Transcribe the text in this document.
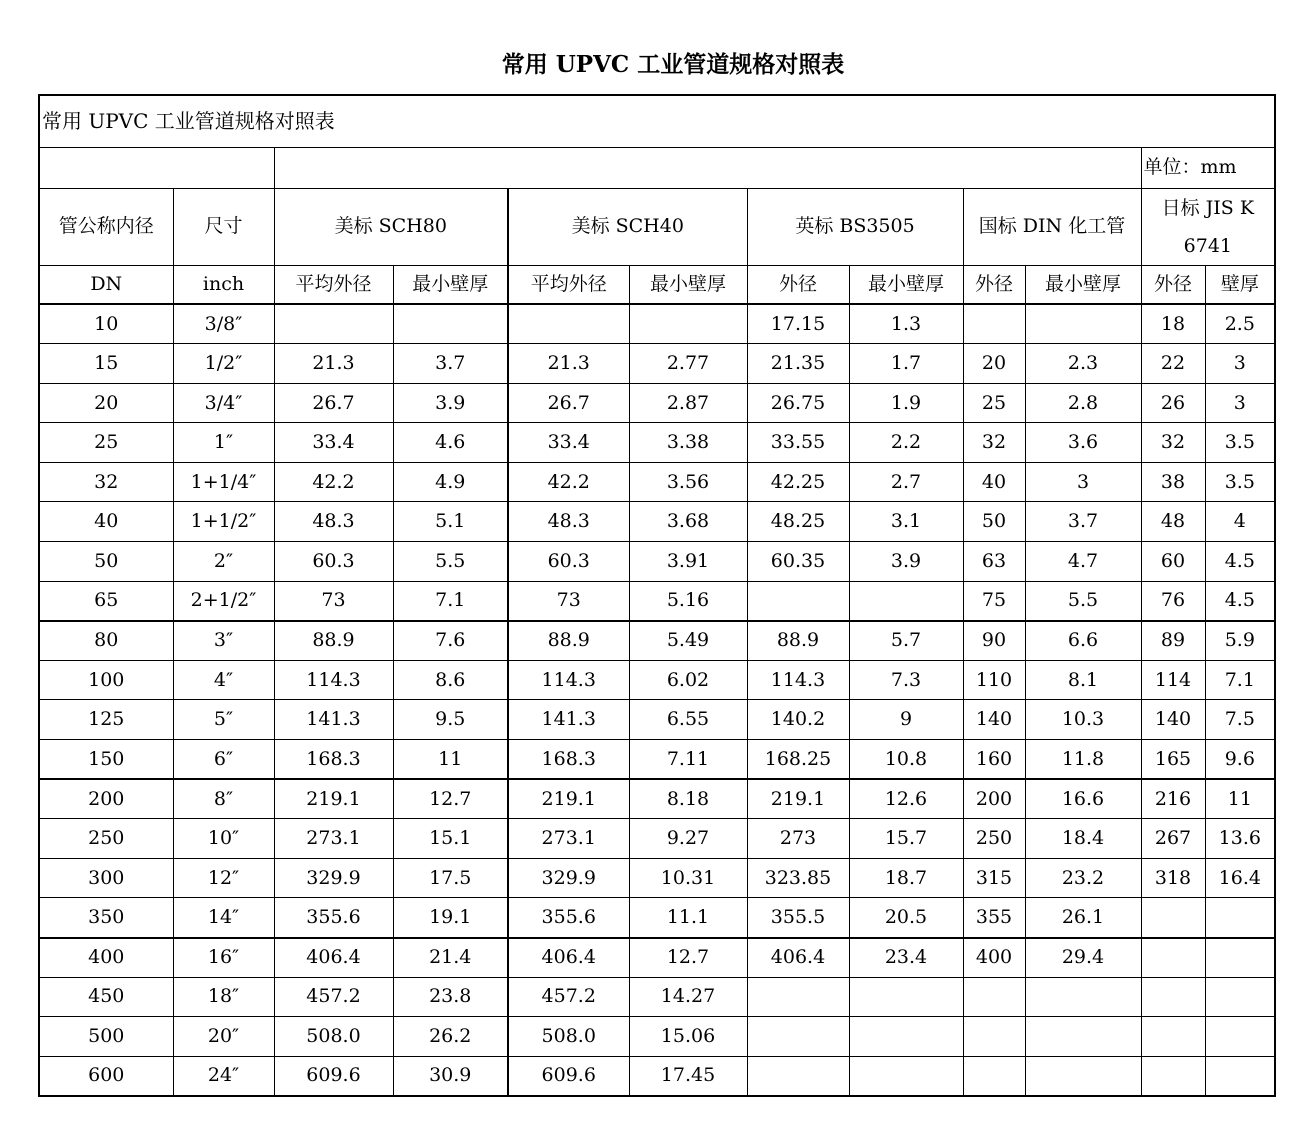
常用 UPVC 工业管道规格对照表
常用 UPVC 工业管道规格对照表											
										单位：mm	
管公称内径	尺寸	美标 SCH80		美标 SCH40		英标 BS3505		国标 DIN 化工管		日标 JIS K 6741	
DN	inch	平均外径	最小壁厚	平均外径	最小壁厚	外径	最小壁厚	外径	最小壁厚	外径	壁厚
10	3/8″					17.15	1.3			18	2.5
15	1/2″	21.3	3.7	21.3	2.77	21.35	1.7	20	2.3	22	3
20	3/4″	26.7	3.9	26.7	2.87	26.75	1.9	25	2.8	26	3
25	1″	33.4	4.6	33.4	3.38	33.55	2.2	32	3.6	32	3.5
32	1+1/4″	42.2	4.9	42.2	3.56	42.25	2.7	40	3	38	3.5
40	1+1/2″	48.3	5.1	48.3	3.68	48.25	3.1	50	3.7	48	4
50	2″	60.3	5.5	60.3	3.91	60.35	3.9	63	4.7	60	4.5
65	2+1/2″	73	7.1	73	5.16			75	5.5	76	4.5
80	3″	88.9	7.6	88.9	5.49	88.9	5.7	90	6.6	89	5.9
100	4″	114.3	8.6	114.3	6.02	114.3	7.3	110	8.1	114	7.1
125	5″	141.3	9.5	141.3	6.55	140.2	9	140	10.3	140	7.5
150	6″	168.3	11	168.3	7.11	168.25	10.8	160	11.8	165	9.6
200	8″	219.1	12.7	219.1	8.18	219.1	12.6	200	16.6	216	11
250	10″	273.1	15.1	273.1	9.27	273	15.7	250	18.4	267	13.6
300	12″	329.9	17.5	329.9	10.31	323.85	18.7	315	23.2	318	16.4
350	14″	355.6	19.1	355.6	11.1	355.5	20.5	355	26.1		
400	16″	406.4	21.4	406.4	12.7	406.4	23.4	400	29.4		
450	18″	457.2	23.8	457.2	14.27						
500	20″	508.0	26.2	508.0	15.06						
600	24″	609.6	30.9	609.6	17.45						
